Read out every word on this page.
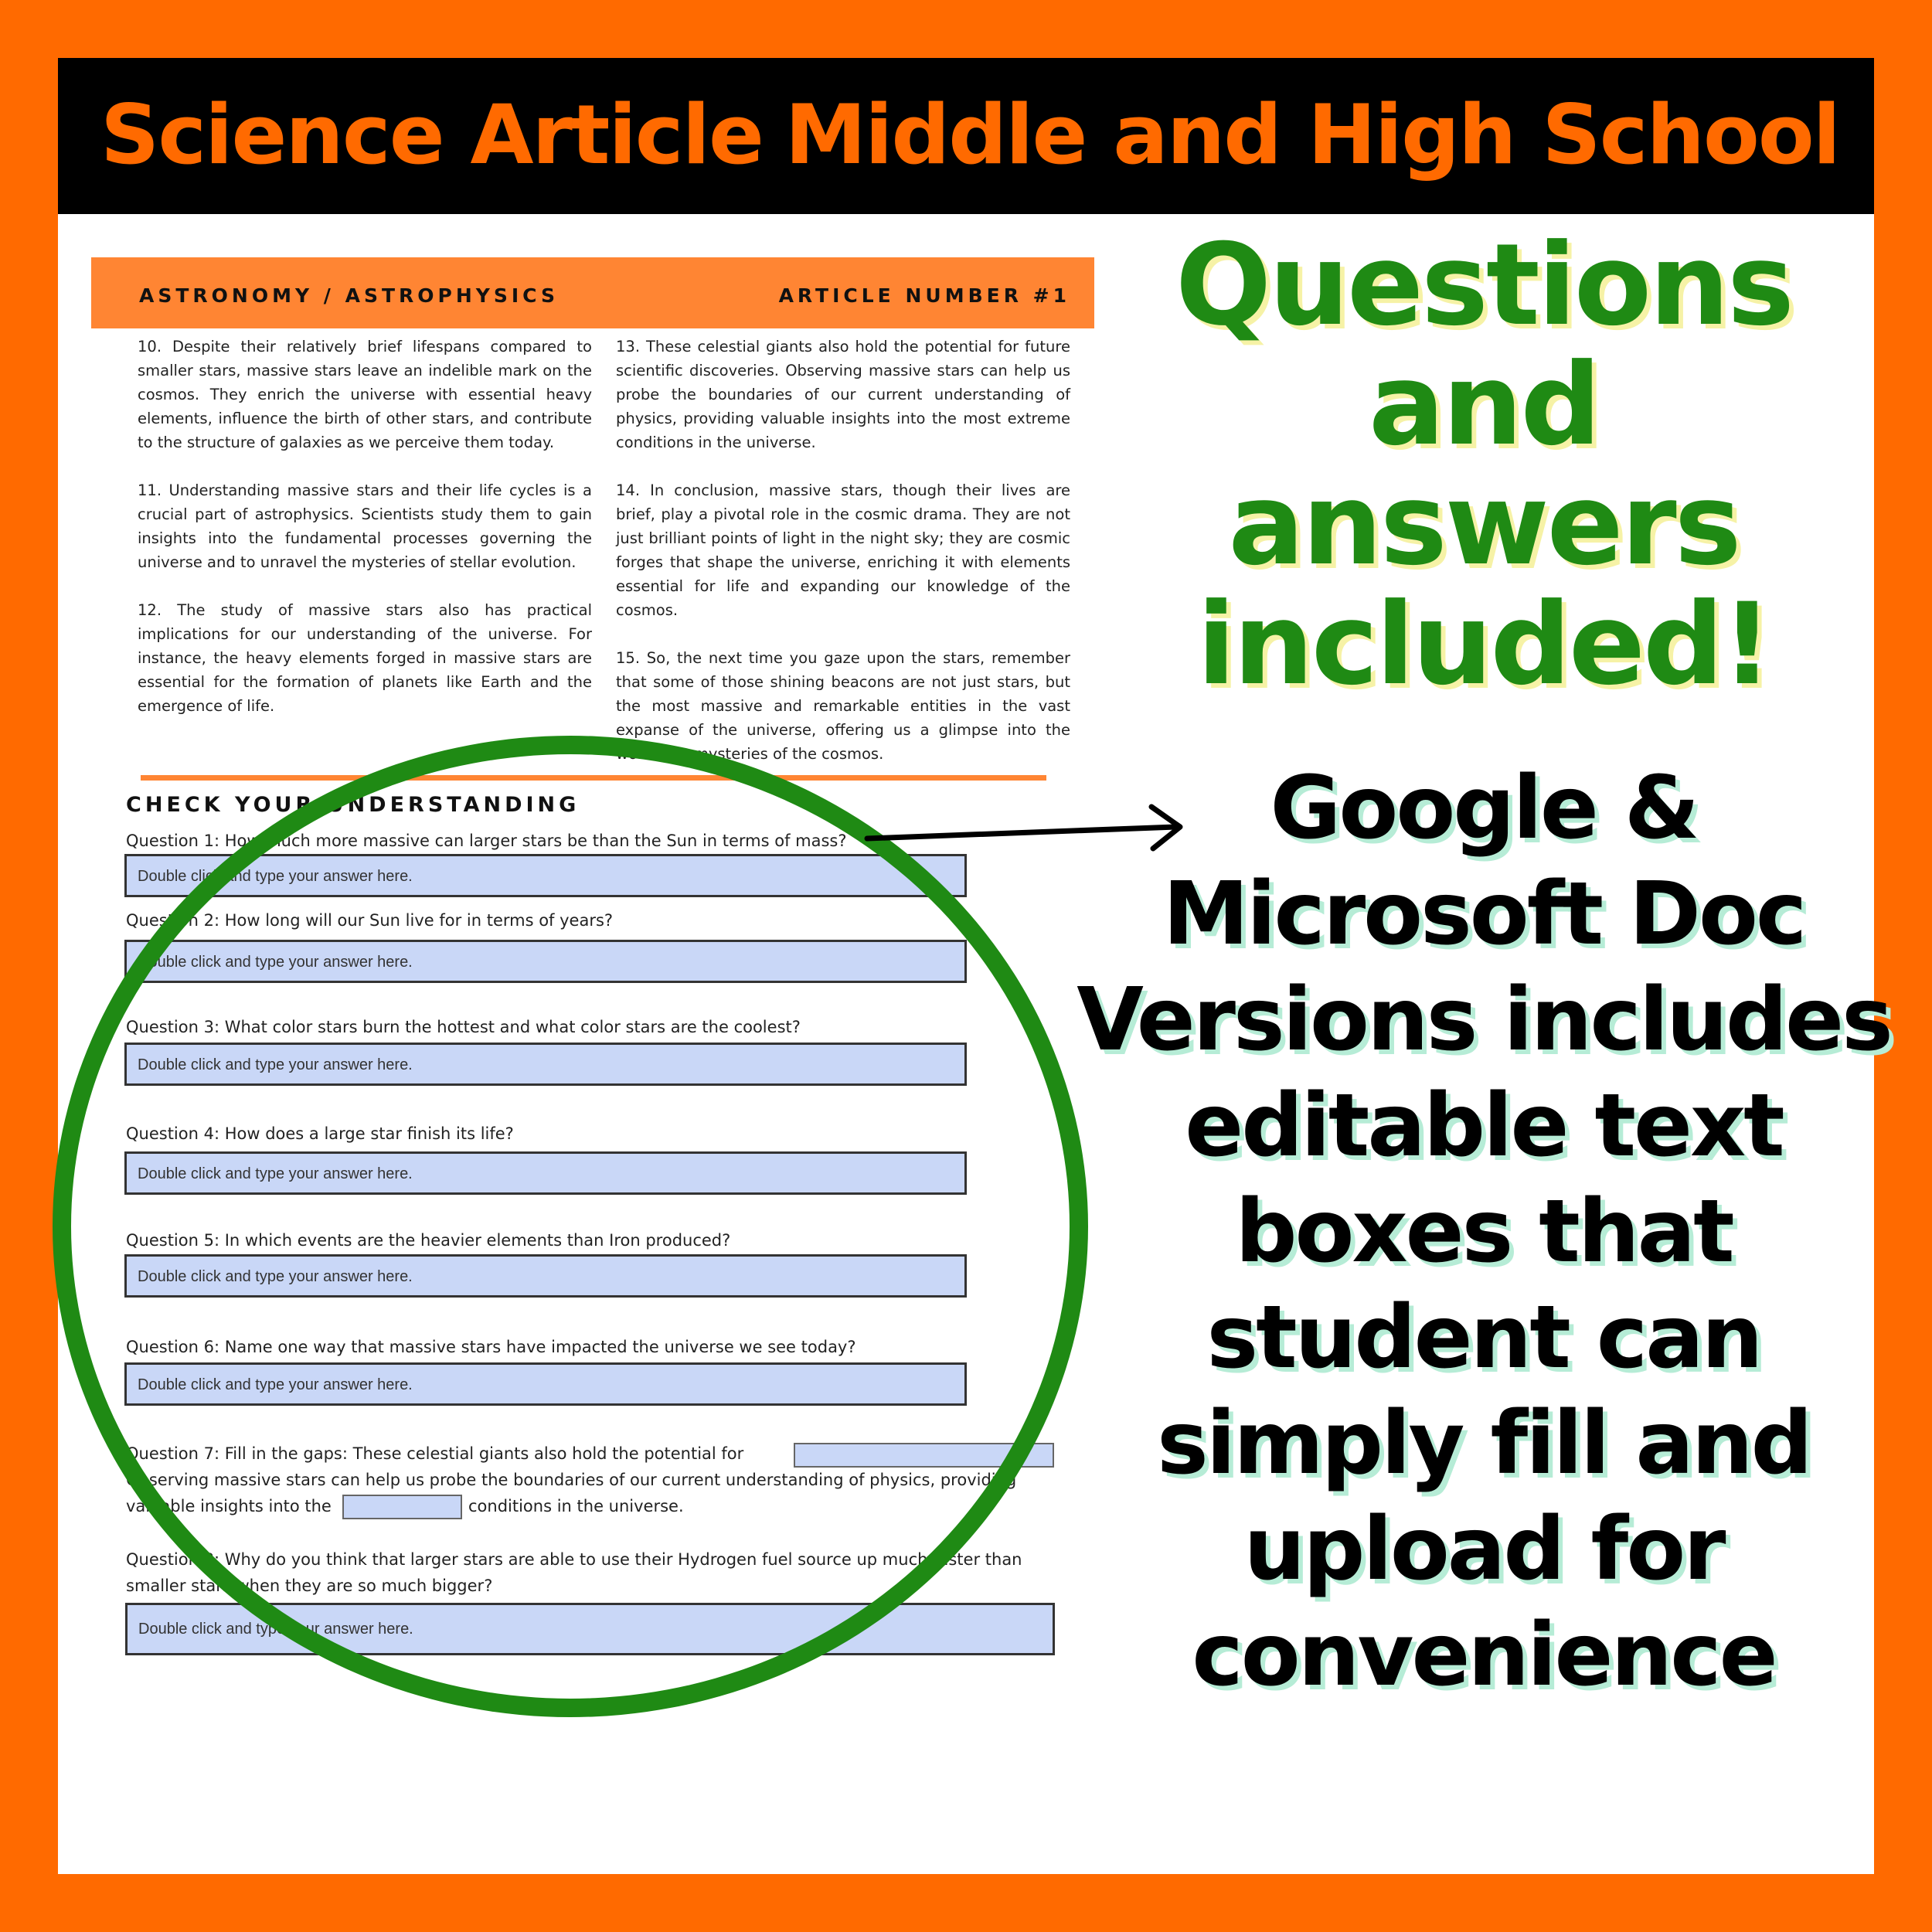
Science Article Middle and High School
ASTRONOMY / ASTROPHYSICS	ARTICLE NUMBER #1
10. Despite their relatively brief lifespans compared to smaller stars, massive stars leave an indelible mark on the cosmos. They enrich the universe with essential heavy elements, influence the birth of other stars, and contribute to the structure of galaxies as we perceive them today.
11. Understanding massive stars and their life cycles is a crucial part of astrophysics. Scientists study them to gain insights into the fundamental processes governing the universe and to unravel the mysteries of stellar evolution.
12. The study of massive stars also has practical implications for our understanding of the universe. For instance, the heavy elements forged in massive stars are essential for the formation of planets like Earth and the emergence of life.
13. These celestial giants also hold the potential for future scientific discoveries. Observing massive stars can help us probe the boundaries of our current understanding of physics, providing valuable insights into the most extreme conditions in the universe.
14. In conclusion, massive stars, though their lives are brief, play a pivotal role in the cosmic drama. They are not just brilliant points of light in the night sky; they are cosmic forges that shape the universe, enriching it with elements essential for life and expanding our knowledge of the cosmos.
15. So, the next time you gaze upon the stars, remember that some of those shining beacons are not just stars, but the most massive and remarkable entities in the vast expanse of the universe, offering us a glimpse into the wondrous mysteries of the cosmos.
CHECK YOUR UNDERSTANDING
Question 1: How much more massive can larger stars be than the Sun in terms of mass?
Double click and type your answer here.
Question 2: How long will our Sun live for in terms of years?
Double click and type your answer here.
Question 3: What color stars burn the hottest and what color stars are the coolest?
Double click and type your answer here.
Question 4: How does a large star finish its life?
Double click and type your answer here.
Question 5: In which events are the heavier elements than Iron produced?
Double click and type your answer here.
Question 6: Name one way that massive stars have impacted the universe we see today?
Double click and type your answer here.
Question 7: Fill in the gaps: These celestial giants also hold the potential for
Observing massive stars can help us probe the boundaries of our current understanding of physics, providing
valuable insights into the	conditions in the universe.
Question 8: Why do you think that larger stars are able to use their Hydrogen fuel source up much faster than
smaller stars when they are so much bigger?
Double click and type your answer here.
Questions and answers included!
Google & Microsoft Doc Versions includes editable text boxes that student can simply fill and upload for convenience
